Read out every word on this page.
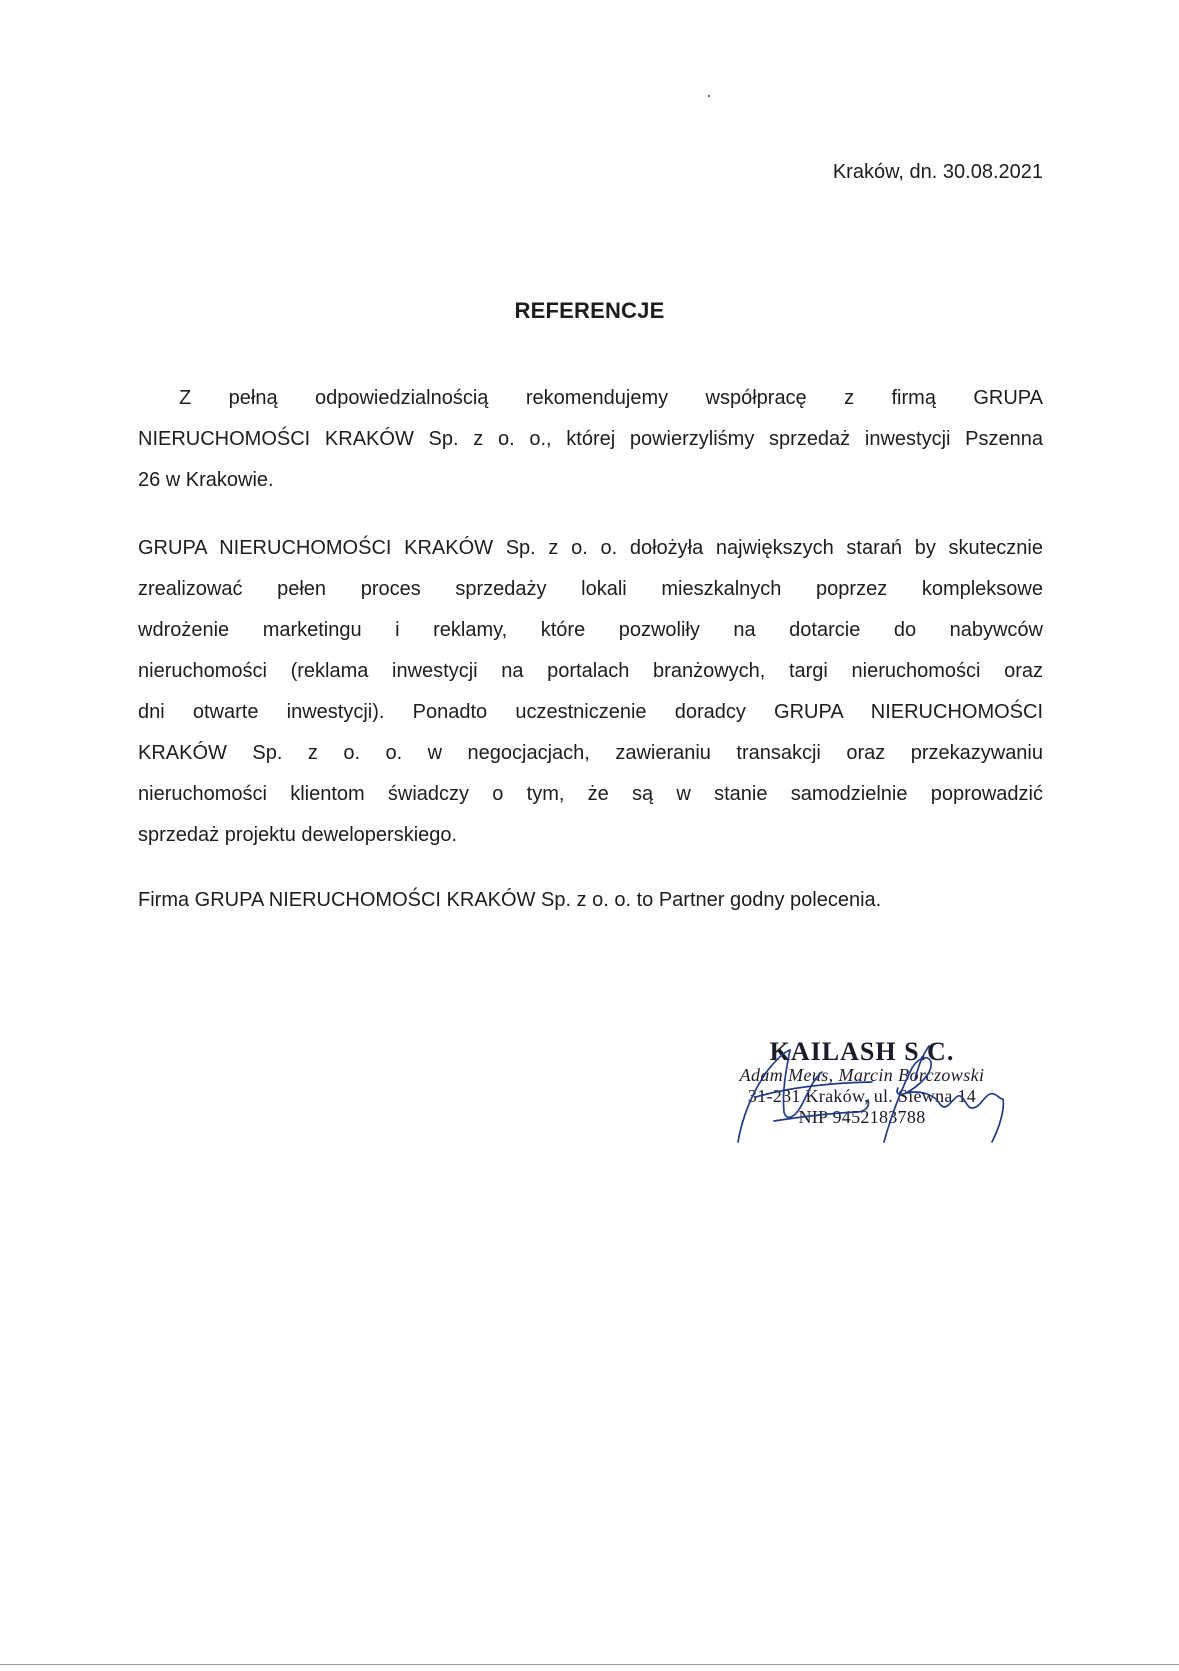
Kraków, dn. 30.08.2021
REFERENCJE
Z pełną odpowiedzialnością rekomendujemy współpracę z firmą GRUPA
NIERUCHOMOŚCI KRAKÓW Sp. z o. o., której powierzyliśmy sprzedaż inwestycji Pszenna
26 w Krakowie.
GRUPA NIERUCHOMOŚCI KRAKÓW Sp. z o. o. dołożyła największych starań by skutecznie
zrealizować pełen proces sprzedaży lokali mieszkalnych poprzez kompleksowe
wdrożenie marketingu i reklamy, które pozwoliły na dotarcie do nabywców
nieruchomości (reklama inwestycji na portalach branżowych, targi nieruchomości oraz
dni otwarte inwestycji). Ponadto uczestniczenie doradcy GRUPA NIERUCHOMOŚCI
KRAKÓW Sp. z o. o. w negocjacjach, zawieraniu transakcji oraz przekazywaniu
nieruchomości klientom świadczy o tym, że są w stanie samodzielnie poprowadzić
sprzedaż projektu deweloperskiego.
Firma GRUPA NIERUCHOMOŚCI KRAKÓW Sp. z o. o. to Partner godny polecenia.
KAILASH S.C.
Adam Meus, Marcin Borczowski
31-231 Kraków, ul. Siewna 14
NIP 9452183788
